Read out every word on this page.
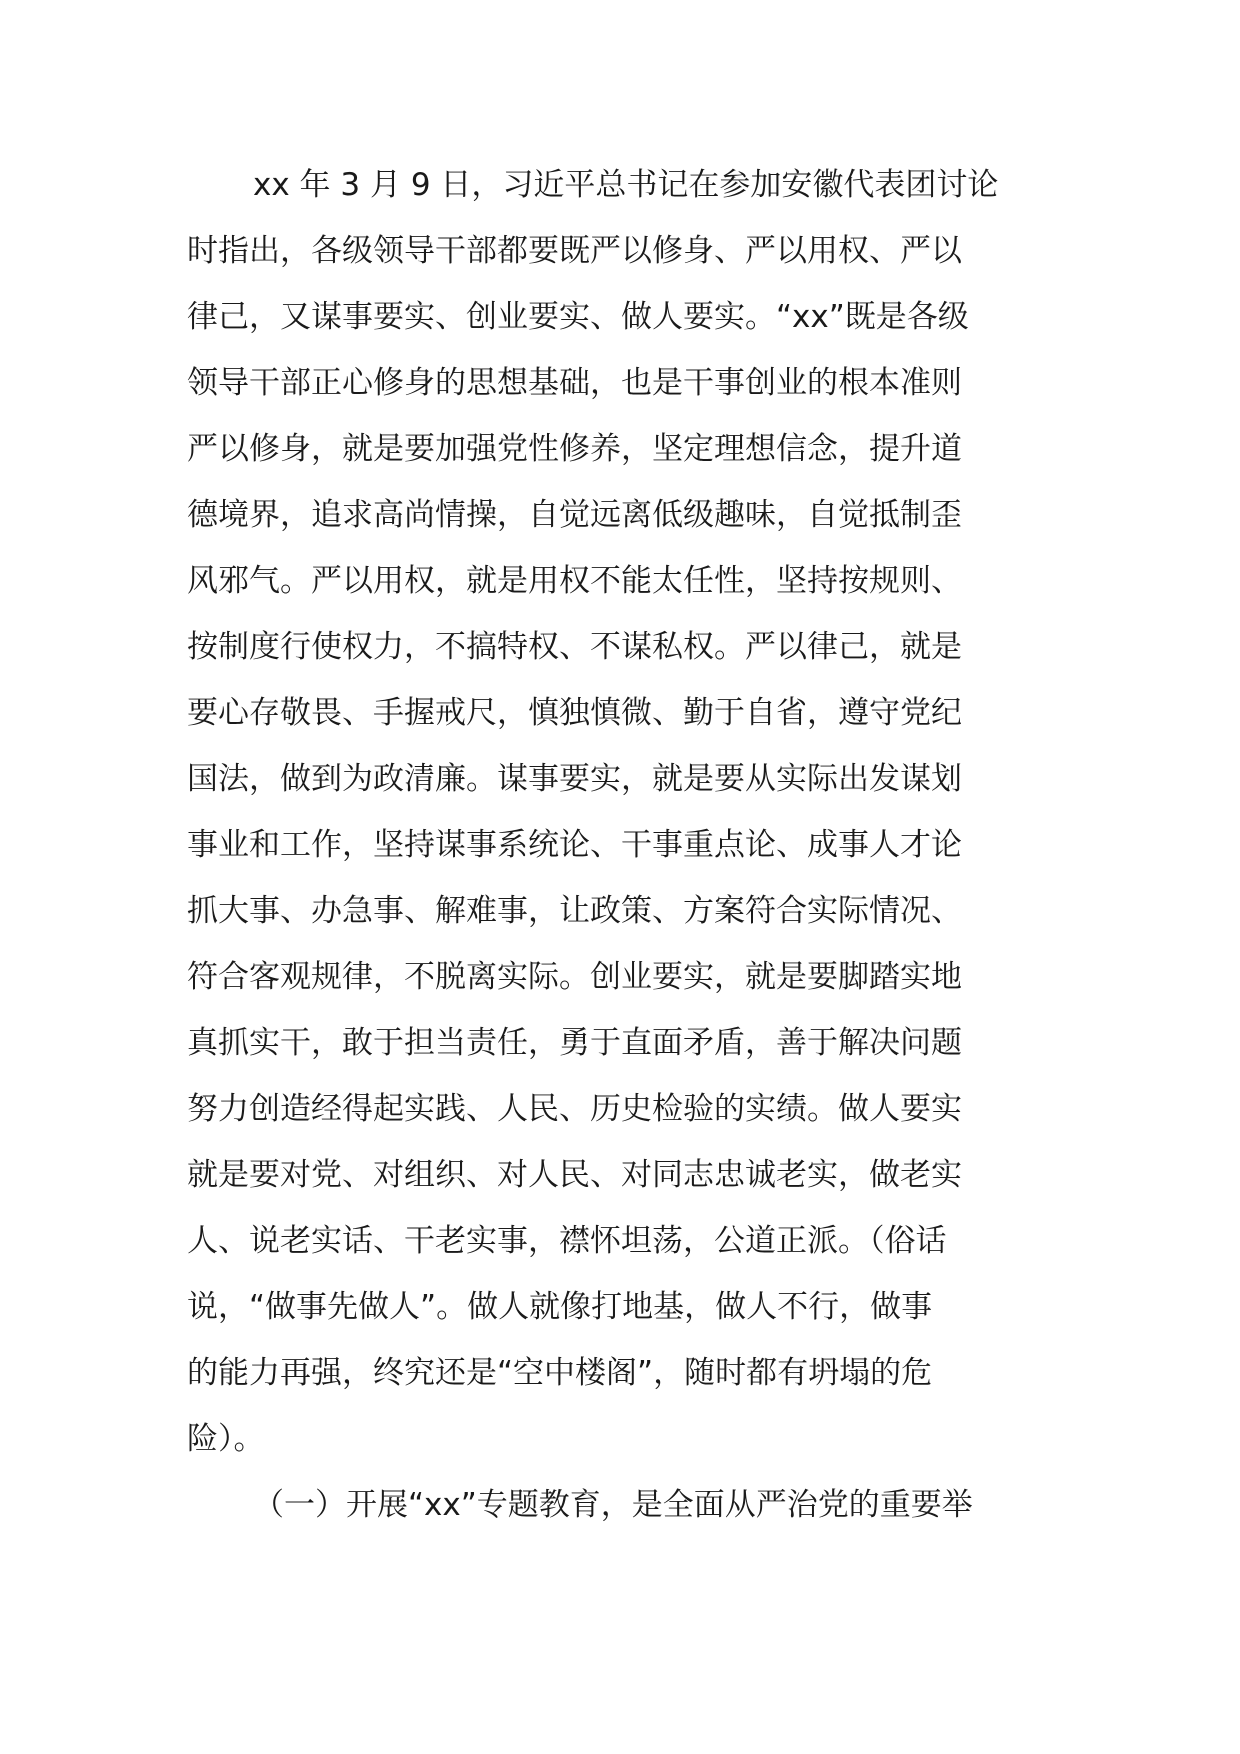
xx 年 3 月 9 日，习近平总书记在参加安徽代表团讨论
时指出，各级领导干部都要既严以修身、严以用权、严以
律己，又谋事要实、创业要实、做人要实。“xx”既是各级
领导干部正心修身的思想基础，也是干事创业的根本准则
严以修身，就是要加强党性修养，坚定理想信念，提升道
德境界，追求高尚情操，自觉远离低级趣味，自觉抵制歪
风邪气。严以用权，就是用权不能太任性，坚持按规则、
按制度行使权力，不搞特权、不谋私权。严以律己，就是
要心存敬畏、手握戒尺，慎独慎微、勤于自省，遵守党纪
国法，做到为政清廉。谋事要实，就是要从实际出发谋划
事业和工作，坚持谋事系统论、干事重点论、成事人才论
抓大事、办急事、解难事，让政策、方案符合实际情况、
符合客观规律，不脱离实际。创业要实，就是要脚踏实地
真抓实干，敢于担当责任，勇于直面矛盾，善于解决问题
努力创造经得起实践、人民、历史检验的实绩。做人要实
就是要对党、对组织、对人民、对同志忠诚老实，做老实
人、说老实话、干老实事，襟怀坦荡，公道正派。（俗话
说，“做事先做人”。做人就像打地基，做人不行，做事
的能力再强，终究还是“空中楼阁”，随时都有坍塌的危
险）。
（一）开展“xx”专题教育，是全面从严治党的重要举
